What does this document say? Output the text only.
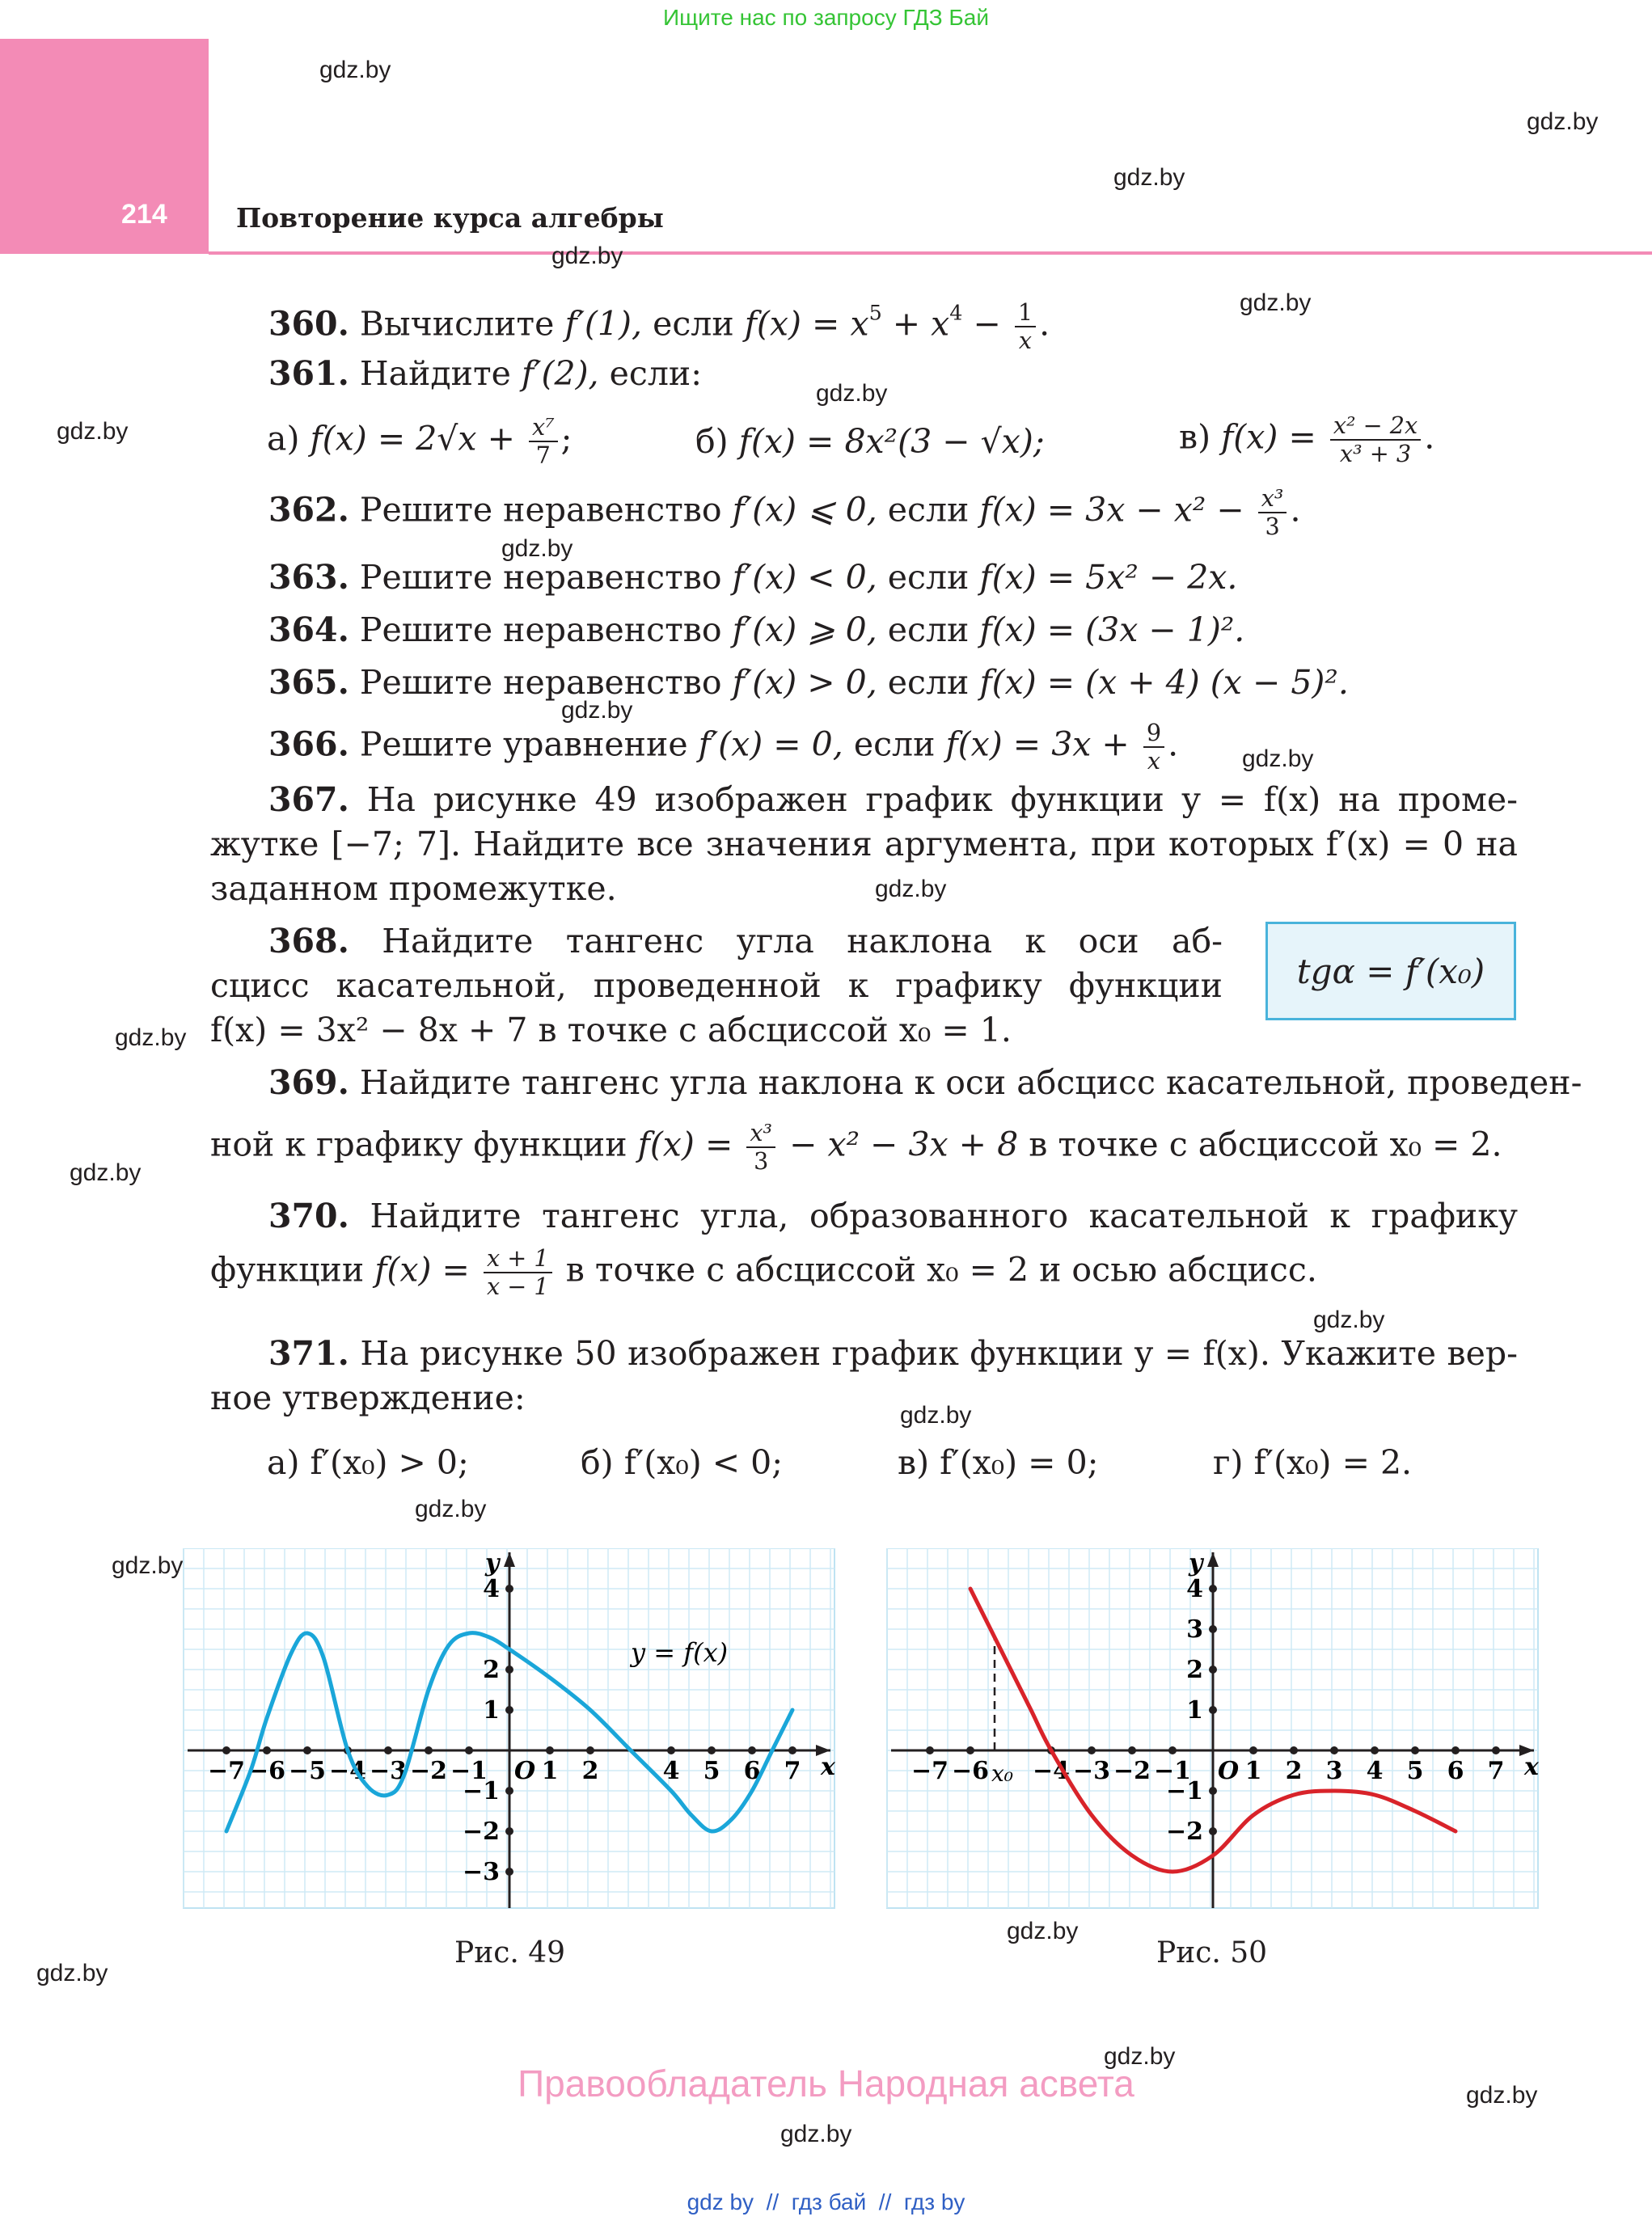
Ищите нас по запросу ГДЗ Бай
214	Повторение курса алгебры
gdz.by
gdz.by
gdz.by
gdz.by
gdz.by
gdz.by
gdz.by
gdz.by
gdz.by
gdz.by
gdz.by
gdz.by
gdz.by
gdz.by
gdz.by
gdz.by
gdz.by
gdz.by
gdz.by
gdz.by
gdz.by
gdz.by
360. Вычислите f′(1), если $f(x) = x^5 + x^4 - \frac{1}{x}$ .
361. Найдите f′(2), если:
а) $f(x) = 2√x + \frac{\text{x⁷}}{7}$ ;	б) f(x) = 8x²(3 − √x);	в) $f(x) = \frac{\text{x² − 2x}}{\text{x³ + 3}}$ .
362. Решите неравенство f′(x) ⩽ 0, если $f(x) = 3x - x^2 - \frac{\text{x³}}{3}$ .
363. Решите неравенство f′(x) < 0, если f(x) = 5x² − 2x.
364. Решите неравенство f′(x) ⩾ 0, если f(x) = (3x − 1)².
365. Решите неравенство f′(x) > 0, если f(x) = (x + 4) (x − 5)².
366. Решите уравнение f′(x) = 0, если $f(x) = 3x + \frac{9}{x}$ .
367. На рисунке 49 изображен график функции y = f(x) на проме-
жутке [−7; 7]. Найдите все значения аргумента, при которых f′(x) = 0 на
заданном промежутке.
368. Найдите тангенс угла наклона к оси аб-
сцисс касательной, проведенной к графику функции
f(x) = 3x² − 8x + 7 в точке с абсциссой x₀ = 1.
tgα = f′(x₀)
369. Найдите тангенс угла наклона к оси абсцисс касательной, проведен-
ной к графику функции $f(x) = \frac{\text{x³}}{3} - x^2 - 3x + 8$ в точке с абсциссой x₀ = 2.
370. Найдите тангенс угла, образованного касательной к графику
функции $f(x) = \frac{x + 1}{x - 1}$ в точке с абсциссой x₀ = 2 и осью абсцисс.
371. На рисунке 50 изображен график функции y = f(x). Укажите вер-
ное утверждение:
а) f′(x₀) > 0;	б) f′(x₀) < 0;	в) f′(x₀) = 0;	г) f′(x₀) = 2.
x
y
O
−7 −6 −5 −4 −3 −2 −1 1 2	4 5 6 7
4
2
1
−1
−2
−3
y = f(x)
x
y
O
−7 −6 −4 −3 −2 −1 1 2 3 4 5 6 7
4
3
2
1
−1
−2
x₀
Рис. 49	Рис. 50
Правообладатель Народная асвета
gdz by  //  гдз бай  //  гдз by
